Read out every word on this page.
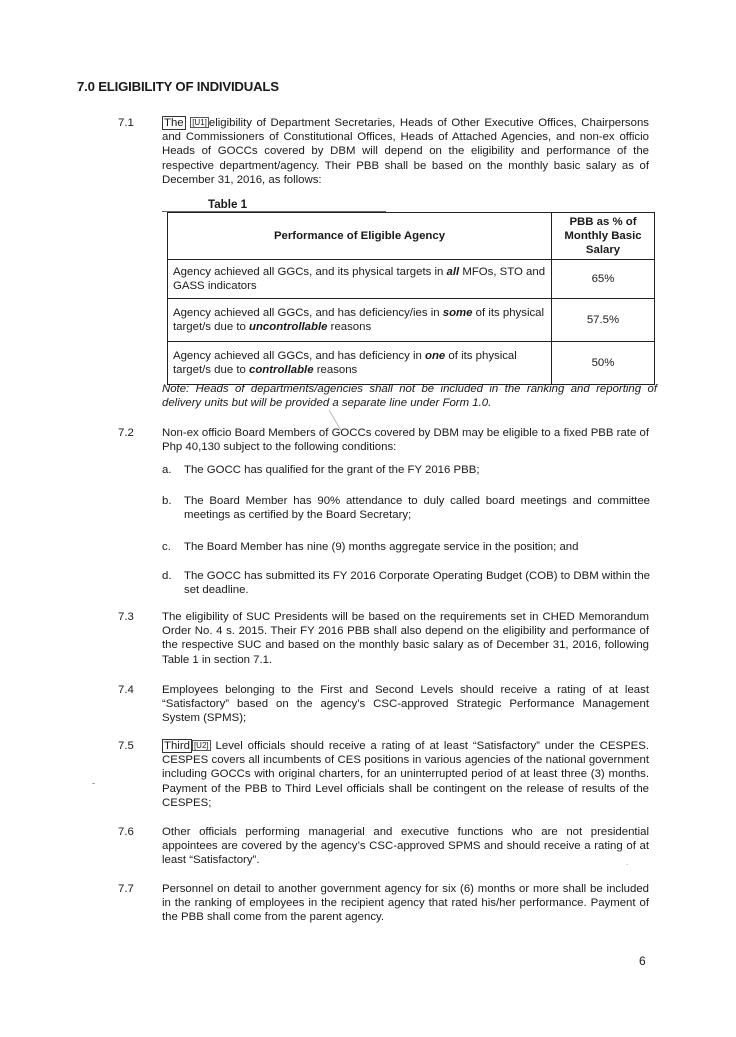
7.0 ELIGIBILITY OF INDIVIDUALS
7.1	The [U1] eligibility of Department Secretaries, Heads of Other Executive Offices, Chairpersons and Commissioners of Constitutional Offices, Heads of Attached Agencies, and non-ex officio Heads of GOCCs covered by DBM will depend on the eligibility and performance of the respective department/agency. Their PBB shall be based on the monthly basic salary as of December 31, 2016, as follows:
Table 1
Performance of Eligible Agency	PBB as % of Monthly Basic Salary
Agency achieved all GGCs, and its physical targets in all MFOs, STO and GASS indicators	65%
Agency achieved all GGCs, and has deficiency/ies in some of its physical target/s due to uncontrollable reasons	57.5%
Agency achieved all GGCs, and has deficiency in one of its physical target/s due to controllable reasons	50%
Note: Heads of departments/agencies shall not be included in the ranking and reporting of delivery units but will be provided a separate line under Form 1.0.
7.2	Non-ex officio Board Members of GOCCs covered by DBM may be eligible to a fixed PBB rate of Php 40,130 subject to the following conditions:
a.	The GOCC has qualified for the grant of the FY 2016 PBB;
b.	The Board Member has 90% attendance to duly called board meetings and committee meetings as certified by the Board Secretary;
c.	The Board Member has nine (9) months aggregate service in the position; and
d.	The GOCC has submitted its FY 2016 Corporate Operating Budget (COB) to DBM within the set deadline.
7.3	The eligibility of SUC Presidents will be based on the requirements set in CHED Memorandum Order No. 4 s. 2015. Their FY 2016 PBB shall also depend on the eligibility and performance of the respective SUC and based on the monthly basic salary as of December 31, 2016, following Table 1 in section 7.1.
7.4	Employees belonging to the First and Second Levels should receive a rating of at least “Satisfactory” based on the agency’s CSC-approved Strategic Performance Management System (SPMS);
7.5	Third [U2] Level officials should receive a rating of at least “Satisfactory” under the CESPES. CESPES covers all incumbents of CES positions in various agencies of the national government including GOCCs with original charters, for an uninterrupted period of at least three (3) months. Payment of the PBB to Third Level officials shall be contingent on the release of results of the CESPES;
-
7.6	Other officials performing managerial and executive functions who are not presidential appointees are covered by the agency’s CSC-approved SPMS and should receive a rating of at least “Satisfactory”.	.
7.7	Personnel on detail to another government agency for six (6) months or more shall be included in the ranking of employees in the recipient agency that rated his/her performance. Payment of the PBB shall come from the parent agency.
6
